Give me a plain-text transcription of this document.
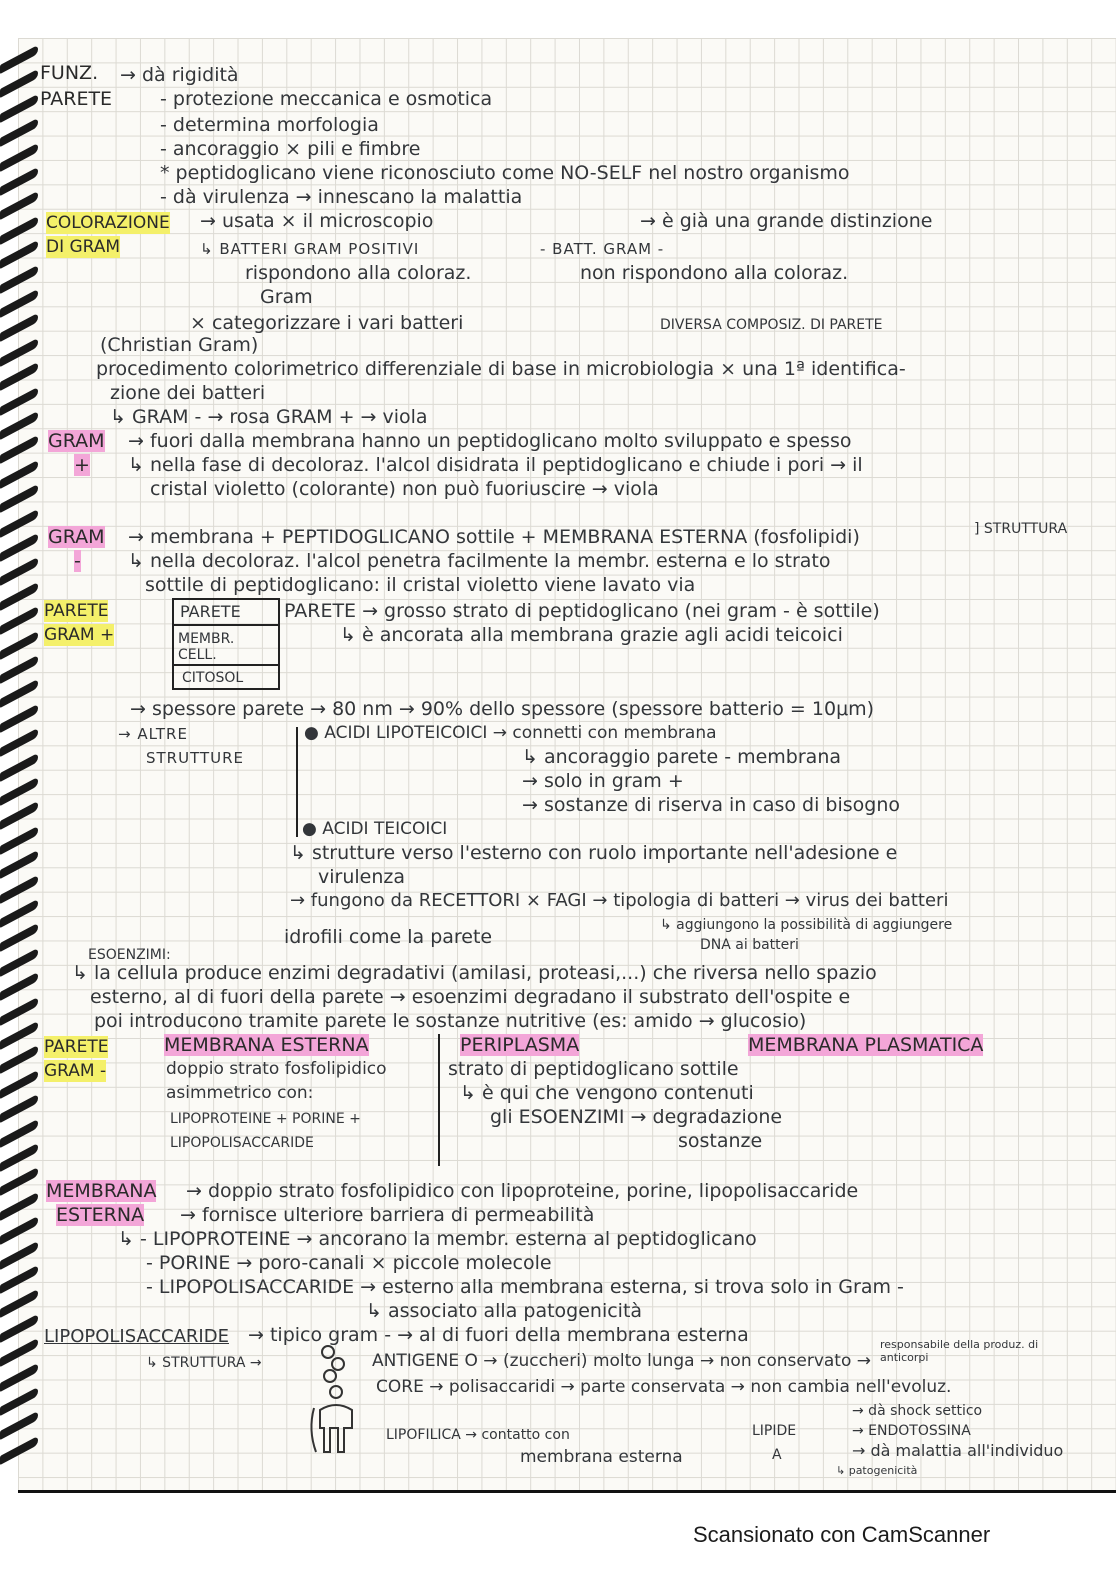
FUNZ.
PARETE
→ dà rigidità
- protezione meccanica e osmotica
- determina morfologia
- ancoraggio × pili e fimbre
* peptidoglicano viene riconosciuto come NO-SELF nel nostro organismo
- dà virulenza → innescano la malattia
COLORAZIONE
DI GRAM
→ usata × il microscopio	→ è già una grande distinzione
↳ BATTERI GRAM POSITIVI	- BATT. GRAM -
rispondono alla coloraz.
Gram
non rispondono alla coloraz.
× categorizzare i vari batteri	DIVERSA COMPOSIZ. DI PARETE
(Christian Gram)
procedimento colorimetrico differenziale di base in microbiologia × una 1ª identifica-
zione dei batteri
↳ GRAM - → rosa GRAM + → viola
GRAM
+
→ fuori dalla membrana hanno un peptidoglicano molto sviluppato e spesso
↳ nella fase di decoloraz. l'alcol disidrata il peptidoglicano e chiude i pori → il
cristal violetto (colorante) non può fuoriuscire → viola
GRAM
-
→ membrana + PEPTIDOGLICANO sottile + MEMBRANA ESTERNA (fosfolipidi)	] STRUTTURA
↳ nella decoloraz. l'alcol penetra facilmente la membr. esterna e lo strato
sottile di peptidoglicano: il cristal violetto viene lavato via
PARETE
GRAM +
PARETE
MEMBR. CELL.
CITOSOL
PARETE → grosso strato di peptidoglicano (nei gram - è sottile)
↳ è ancorata alla membrana grazie agli acidi teicoici
→ spessore parete → 80 nm → 90% dello spessore (spessore batterio = 10μm)
→ ALTRE
STRUTTURE
● ACIDI LIPOTEICOICI → connetti con membrana
↳ ancoraggio parete - membrana
→ solo in gram +
→ sostanze di riserva in caso di bisogno
● ACIDI TEICOICI
↳ strutture verso l'esterno con ruolo importante nell'adesione e
virulenza
→ fungono da RECETTORI × FAGI → tipologia di batteri → virus dei batteri
↳ aggiungono la possibilità di aggiungere
DNA ai batteri
idrofili come la parete
ESOENZIMI:
↳ la cellula produce enzimi degradativi (amilasi, proteasi,...) che riversa nello spazio
esterno, al di fuori della parete → esoenzimi degradano il substrato dell'ospite e
poi introducono tramite parete le sostanze nutritive (es: amido → glucosio)
PARETE
GRAM -
MEMBRANA ESTERNA	PERIPLASMA	MEMBRANA PLASMATICA
doppio strato fosfolipidico
asimmetrico con:
LIPOPROTEINE + PORINE +
LIPOPOLISACCARIDE
strato di peptidoglicano sottile
↳ è qui che vengono contenuti
gli ESOENZIMI → degradazione
sostanze
MEMBRANA
ESTERNA
→ doppio strato fosfolipidico con lipoproteine, porine, lipopolisaccaride
→ fornisce ulteriore barriera di permeabilità
↳ - LIPOPROTEINE → ancorano la membr. esterna al peptidoglicano
- PORINE → poro-canali × piccole molecole
- LIPOPOLISACCARIDE → esterno alla membrana esterna, si trova solo in Gram -
↳ associato alla patogenicità
LIPOPOLISACCARIDE → tipico gram - → al di fuori della membrana esterna
↳ STRUTTURA →	ANTIGENE O → (zuccheri) molto lunga → non conservato →
responsabile della produz. di anticorpi
CORE → polisaccaridi → parte conservata → non cambia nell'evoluz.
LIPOFILICA → contatto con
membrana esterna
LIPIDE
A
→ dà shock settico
→ ENDOTOSSINA
→ dà malattia all'individuo
↳ patogenicità
Scansionato con CamScanner
